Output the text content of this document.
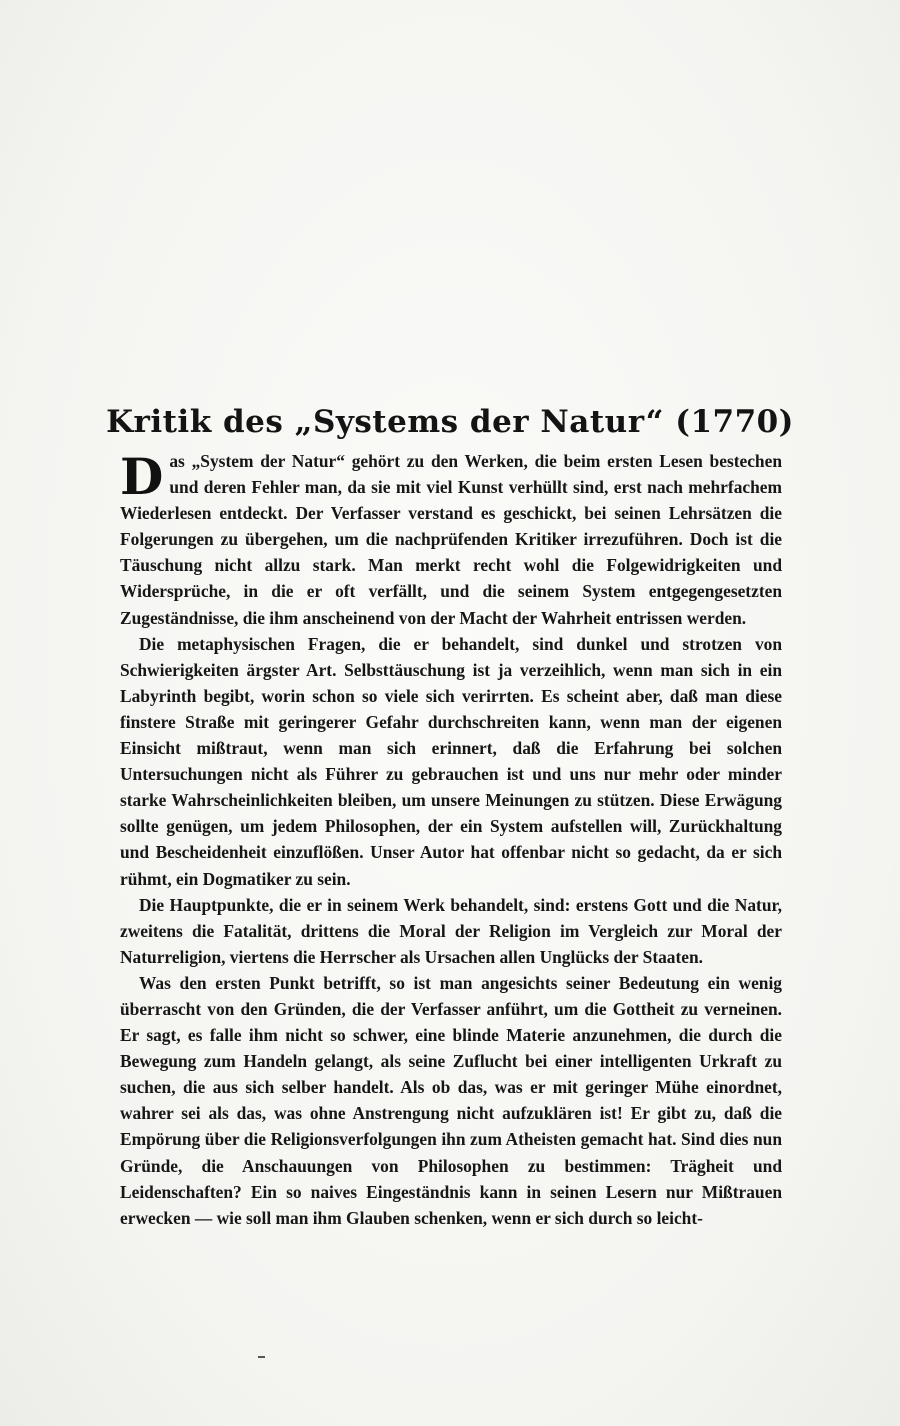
Kritik des „Systems der Natur“ (1770)

Das „System der Natur“ gehört zu den Werken, die beim ersten Lesen bestechen und deren Fehler man, da sie mit viel Kunst verhüllt sind, erst nach mehrfachem Wiederlesen entdeckt. Der Verfasser verstand es geschickt, bei seinen Lehrsätzen die Folgerungen zu übergehen, um die nachprüfenden Kritiker irrezuführen. Doch ist die Täuschung nicht allzu stark. Man merkt recht wohl die Folgewidrigkeiten und Widersprüche, in die er oft verfällt, und die seinem System entgegengesetzten Zugeständnisse, die ihm anscheinend von der Macht der Wahrheit entrissen werden.

Die metaphysischen Fragen, die er behandelt, sind dunkel und strotzen von Schwierigkeiten ärgster Art. Selbsttäuschung ist ja verzeihlich, wenn man sich in ein Labyrinth begibt, worin schon so viele sich verirrten. Es scheint aber, daß man diese finstere Straße mit geringerer Gefahr durchschreiten kann, wenn man der eigenen Einsicht mißtraut, wenn man sich erinnert, daß die Erfahrung bei solchen Untersuchungen nicht als Führer zu gebrauchen ist und uns nur mehr oder minder starke Wahrscheinlichkeiten bleiben, um unsere Meinungen zu stützen. Diese Erwägung sollte genügen, um jedem Philosophen, der ein System aufstellen will, Zurückhaltung und Bescheidenheit einzuflößen. Unser Autor hat offenbar nicht so gedacht, da er sich rühmt, ein Dogmatiker zu sein.

Die Hauptpunkte, die er in seinem Werk behandelt, sind: erstens Gott und die Natur, zweitens die Fatalität, drittens die Moral der Religion im Vergleich zur Moral der Naturreligion, viertens die Herrscher als Ursachen allen Unglücks der Staaten.

Was den ersten Punkt betrifft, so ist man angesichts seiner Bedeutung ein wenig überrascht von den Gründen, die der Verfasser anführt, um die Gottheit zu verneinen. Er sagt, es falle ihm nicht so schwer, eine blinde Materie anzunehmen, die durch die Bewegung zum Handeln gelangt, als seine Zuflucht bei einer intelligenten Urkraft zu suchen, die aus sich selber handelt. Als ob das, was er mit geringer Mühe einordnet, wahrer sei als das, was ohne Anstrengung nicht aufzuklären ist! Er gibt zu, daß die Empörung über die Religionsverfolgungen ihn zum Atheisten gemacht hat. Sind dies nun Gründe, die Anschauungen von Philosophen zu bestimmen: Trägheit und Leidenschaften? Ein so naives Eingeständnis kann in seinen Lesern nur Mißtrauen erwecken — wie soll man ihm Glauben schenken, wenn er sich durch so leicht-
